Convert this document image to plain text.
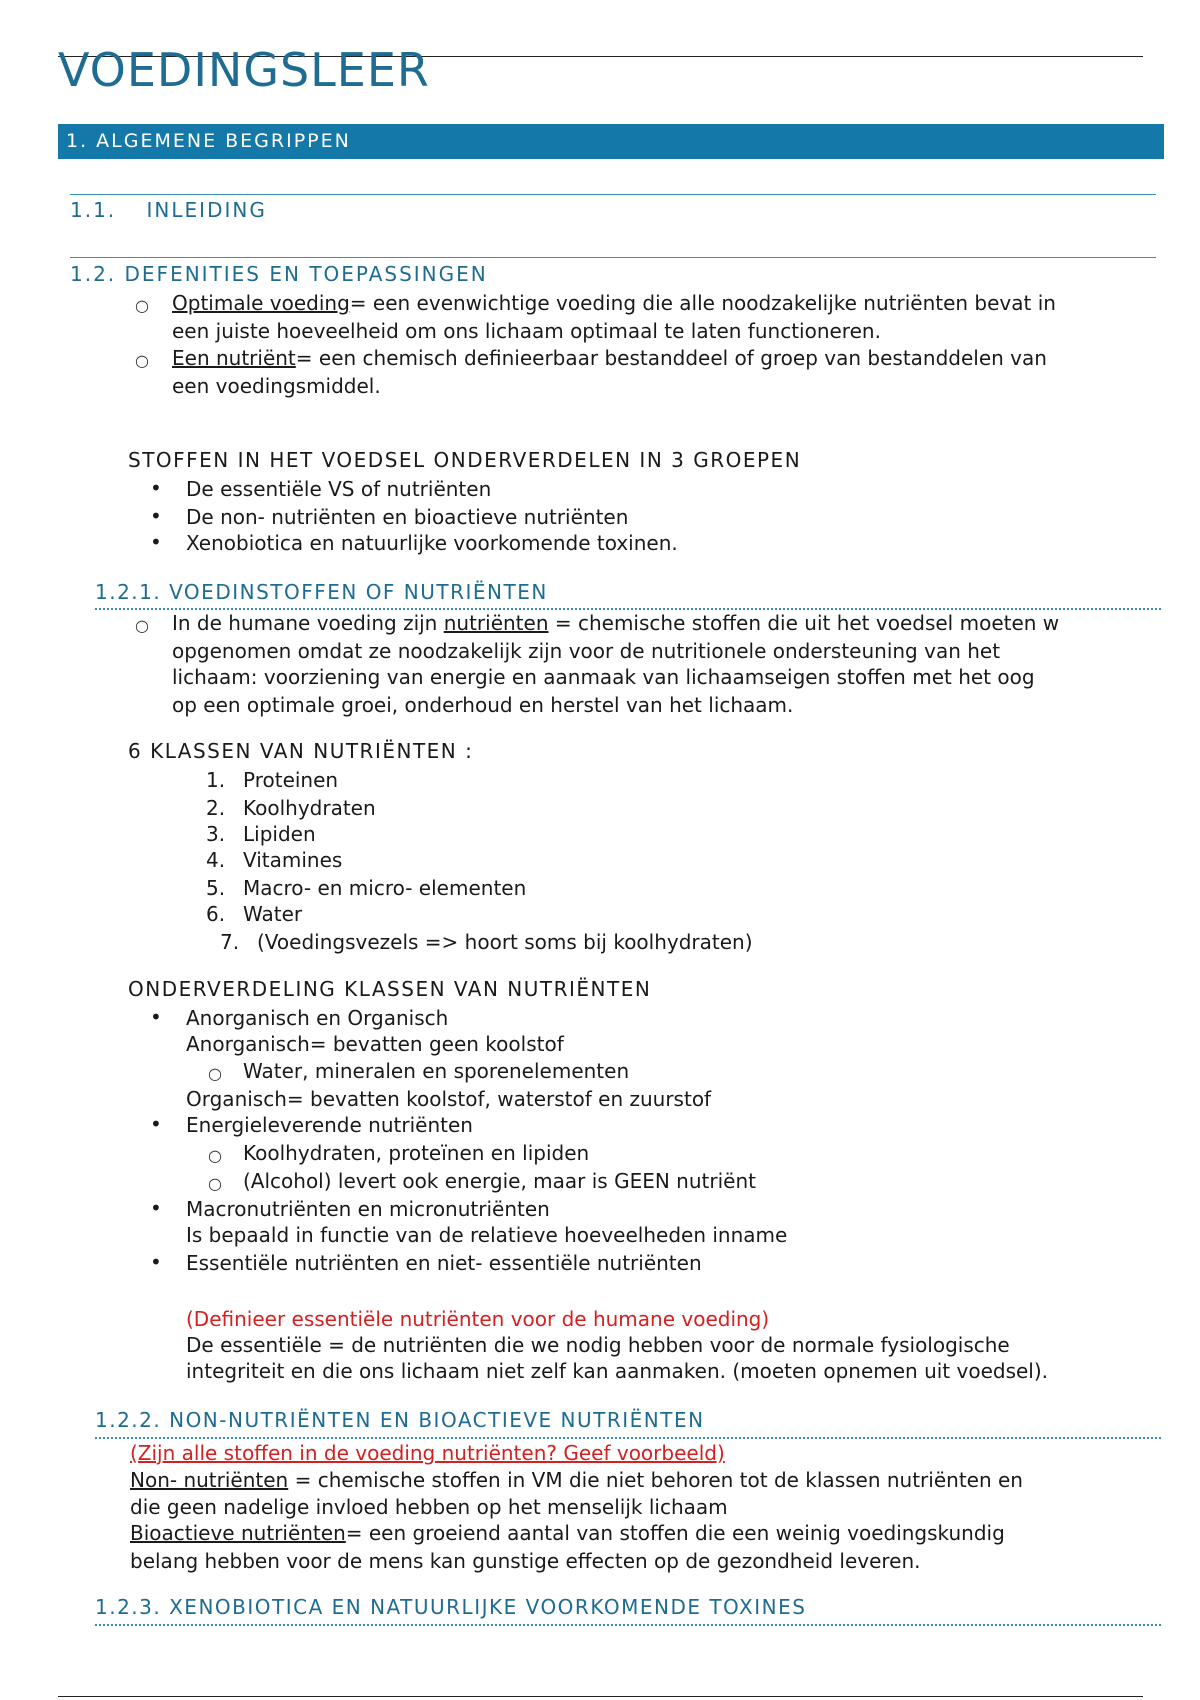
VOEDINGSLEER
1. ALGEMENE BEGRIPPEN
1.1. INLEIDING
1.2. DEFENITIES EN TOEPASSINGEN
○ Optimale voeding= een evenwichtige voeding die alle noodzakelijke nutriënten bevat in
een juiste hoeveelheid om ons lichaam optimaal te laten functioneren.
○ Een nutriënt= een chemisch definieerbaar bestanddeel of groep van bestanddelen van
een voedingsmiddel.
STOFFEN IN HET VOEDSEL ONDERVERDELEN IN 3 GROEPEN
• De essentiële VS of nutriënten
• De non- nutriënten en bioactieve nutriënten
• Xenobiotica en natuurlijke voorkomende toxinen.
1.2.1. VOEDINSTOFFEN OF NUTRIËNTEN
○ In de humane voeding zijn nutriënten = chemische stoffen die uit het voedsel moeten w
opgenomen omdat ze noodzakelijk zijn voor de nutritionele ondersteuning van het
lichaam: voorziening van energie en aanmaak van lichaamseigen stoffen met het oog
op een optimale groei, onderhoud en herstel van het lichaam.
6 KLASSEN VAN NUTRIËNTEN :
1. Proteinen
2. Koolhydraten
3. Lipiden
4. Vitamines
5. Macro- en micro- elementen
6. Water
7. (Voedingsvezels => hoort soms bij koolhydraten)
ONDERVERDELING KLASSEN VAN NUTRIËNTEN
• Anorganisch en Organisch
Anorganisch= bevatten geen koolstof
○ Water, mineralen en sporenelementen
Organisch= bevatten koolstof, waterstof en zuurstof
• Energieleverende nutriënten
○ Koolhydraten, proteïnen en lipiden
○ (Alcohol) levert ook energie, maar is GEEN nutriënt
• Macronutriënten en micronutriënten
Is bepaald in functie van de relatieve hoeveelheden inname
• Essentiële nutriënten en niet- essentiële nutriënten
(Definieer essentiële nutriënten voor de humane voeding)
De essentiële = de nutriënten die we nodig hebben voor de normale fysiologische
integriteit en die ons lichaam niet zelf kan aanmaken. (moeten opnemen uit voedsel).
1.2.2. NON-NUTRIËNTEN EN BIOACTIEVE NUTRIËNTEN
(Zijn alle stoffen in de voeding nutriënten? Geef voorbeeld)
Non- nutriënten = chemische stoffen in VM die niet behoren tot de klassen nutriënten en
die geen nadelige invloed hebben op het menselijk lichaam
Bioactieve nutriënten= een groeiend aantal van stoffen die een weinig voedingskundig
belang hebben voor de mens kan gunstige effecten op de gezondheid leveren.
1.2.3. XENOBIOTICA EN NATUURLIJKE VOORKOMENDE TOXINES
